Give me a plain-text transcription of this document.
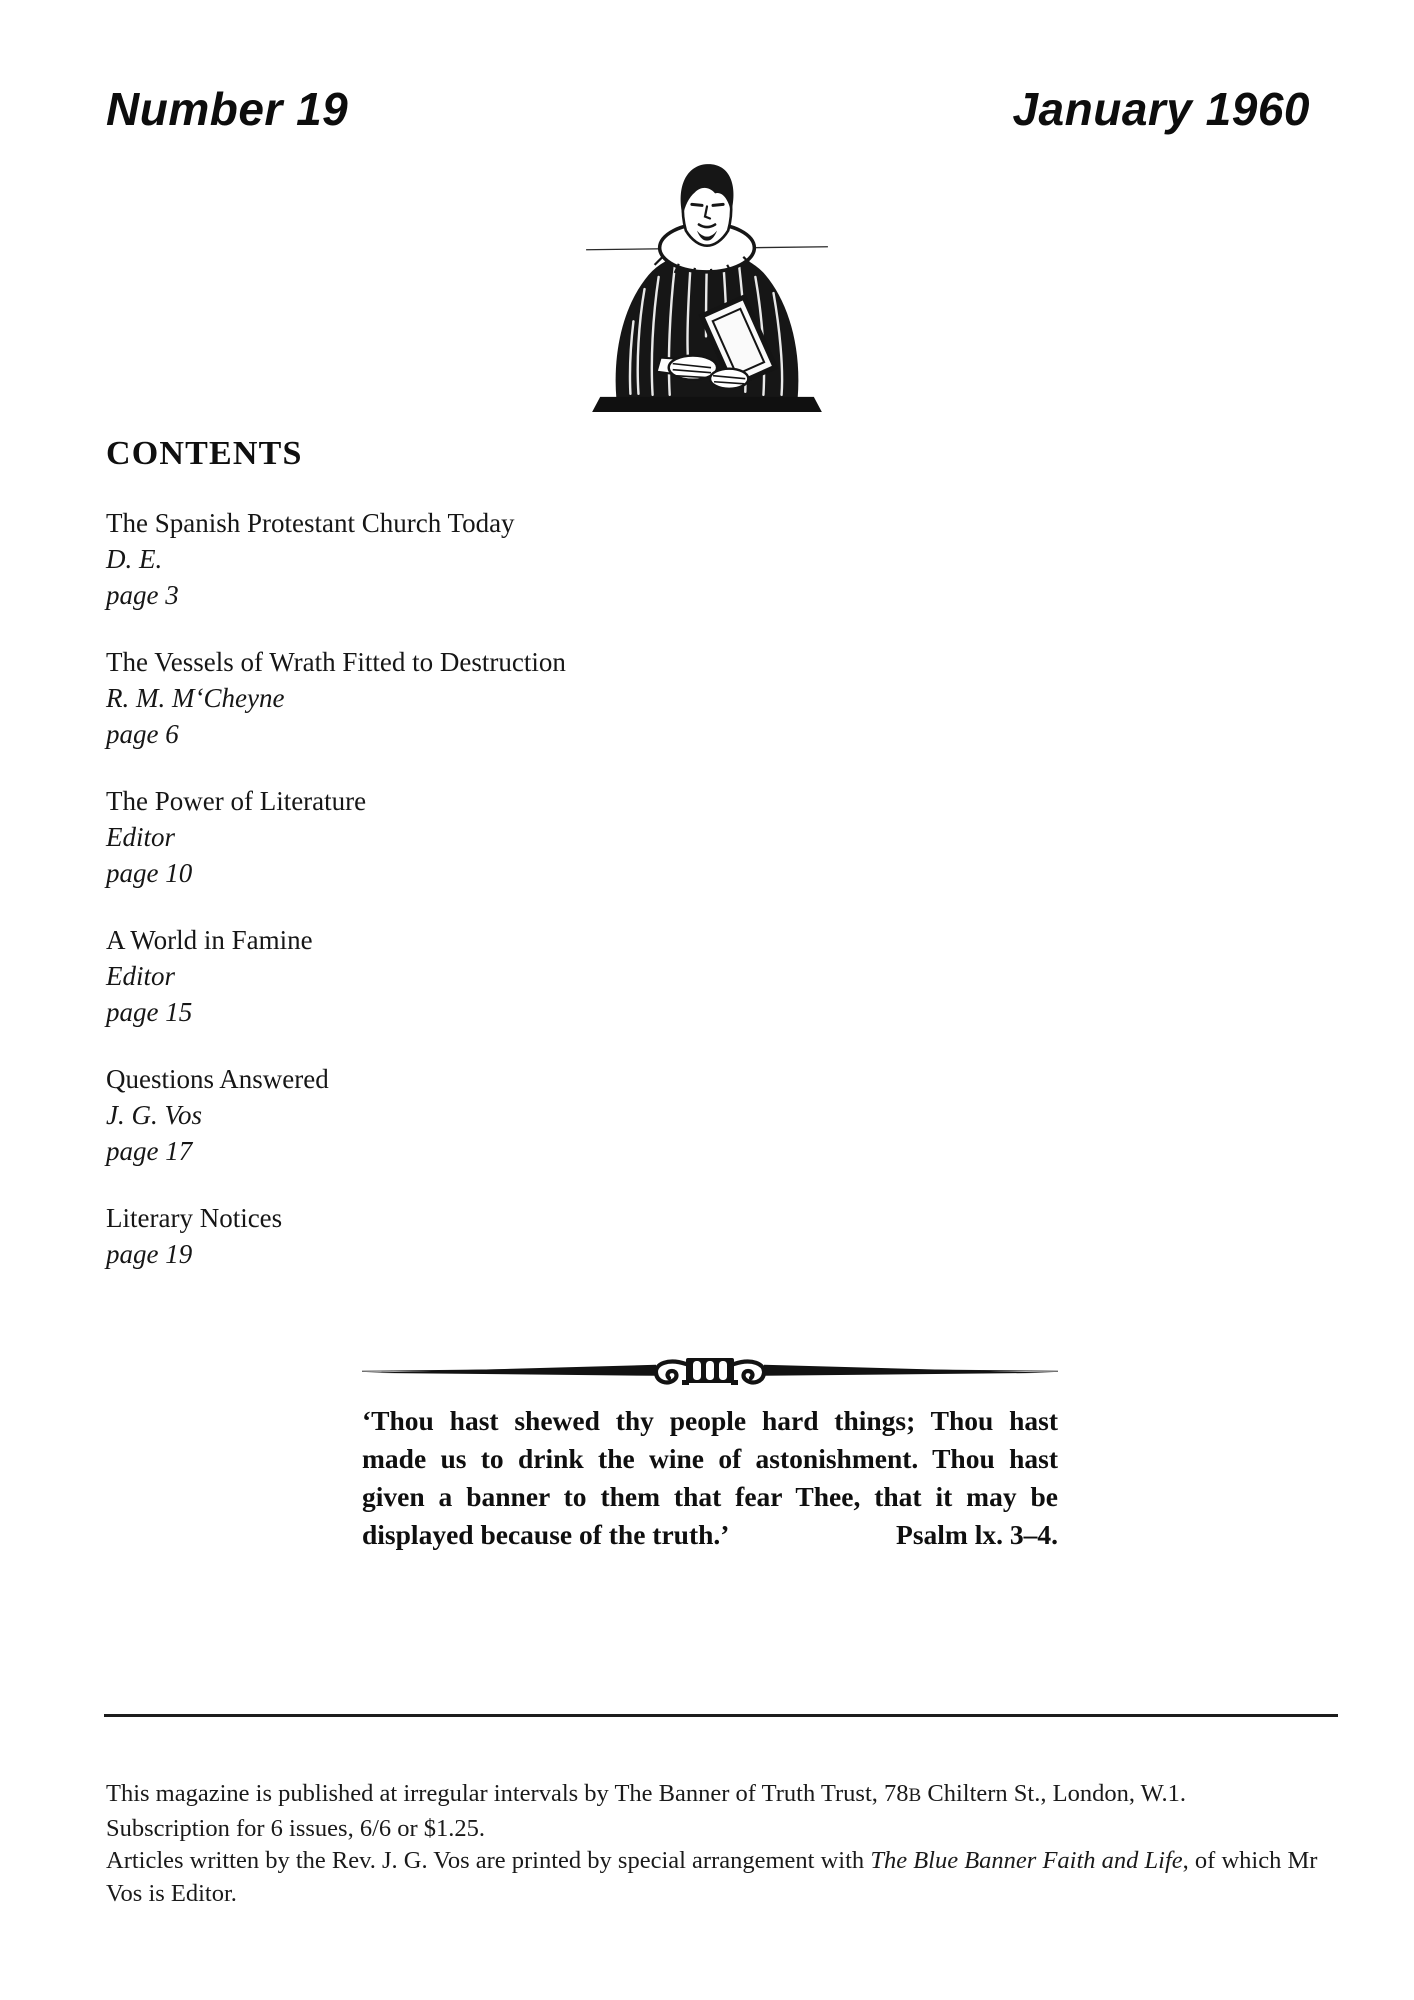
Number 19	January 1960
CONTENTS
The Spanish Protestant Church Today
D. E.
page 3
The Vessels of Wrath Fitted to Destruction
R. M. M‘Cheyne
page 6
The Power of Literature
Editor
page 10
A World in Famine
Editor
page 15
Questions Answered
J. G. Vos
page 17
Literary Notices
page 19
‘Thou hast shewed thy people hard things; Thou hast
made us to drink the wine of astonishment. Thou hast
given a banner to them that fear Thee, that it may be
displayed because of the truth.’	Psalm lx. 3–4.
This magazine is published at irregular intervals by The Banner of Truth Trust, 78B Chiltern St., London, W.1.
Subscription for 6 issues, 6/6 or $1.25.
Articles written by the Rev. J. G. Vos are printed by special arrangement with The Blue Banner Faith and Life, of which Mr Vos is Editor.
